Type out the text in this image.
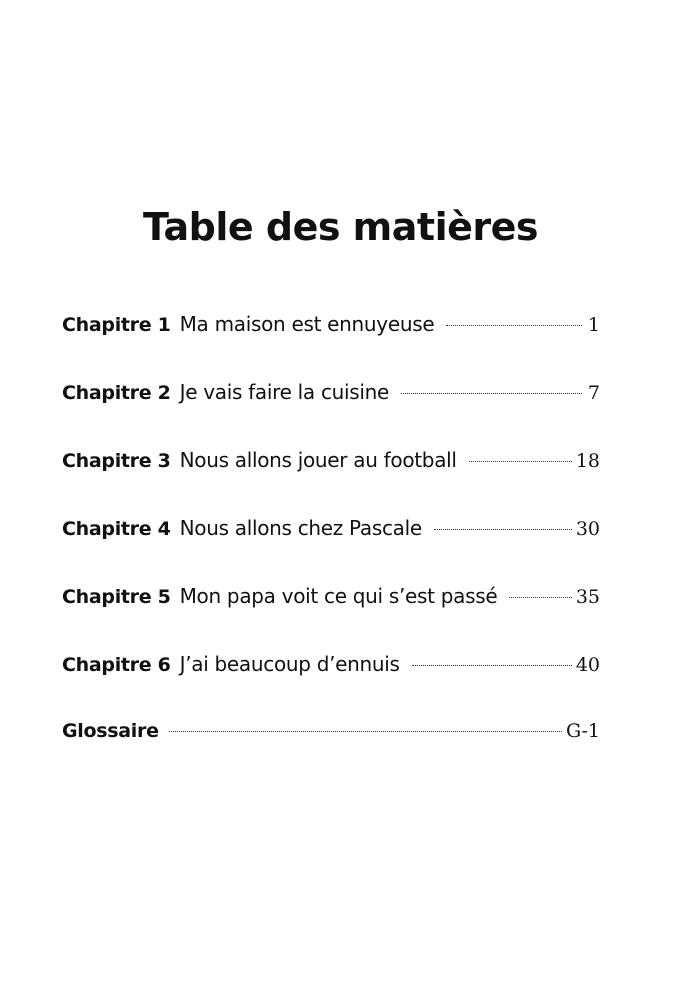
Table des matières
Chapitre 1 Ma maison est ennuyeuse	1
Chapitre 2 Je vais faire la cuisine	7
Chapitre 3 Nous allons jouer au football	18
Chapitre 4 Nous allons chez Pascale	30
Chapitre 5 Mon papa voit ce qui s’est passé	35
Chapitre 6 J’ai beaucoup d’ennuis	40
Glossaire	G-1
